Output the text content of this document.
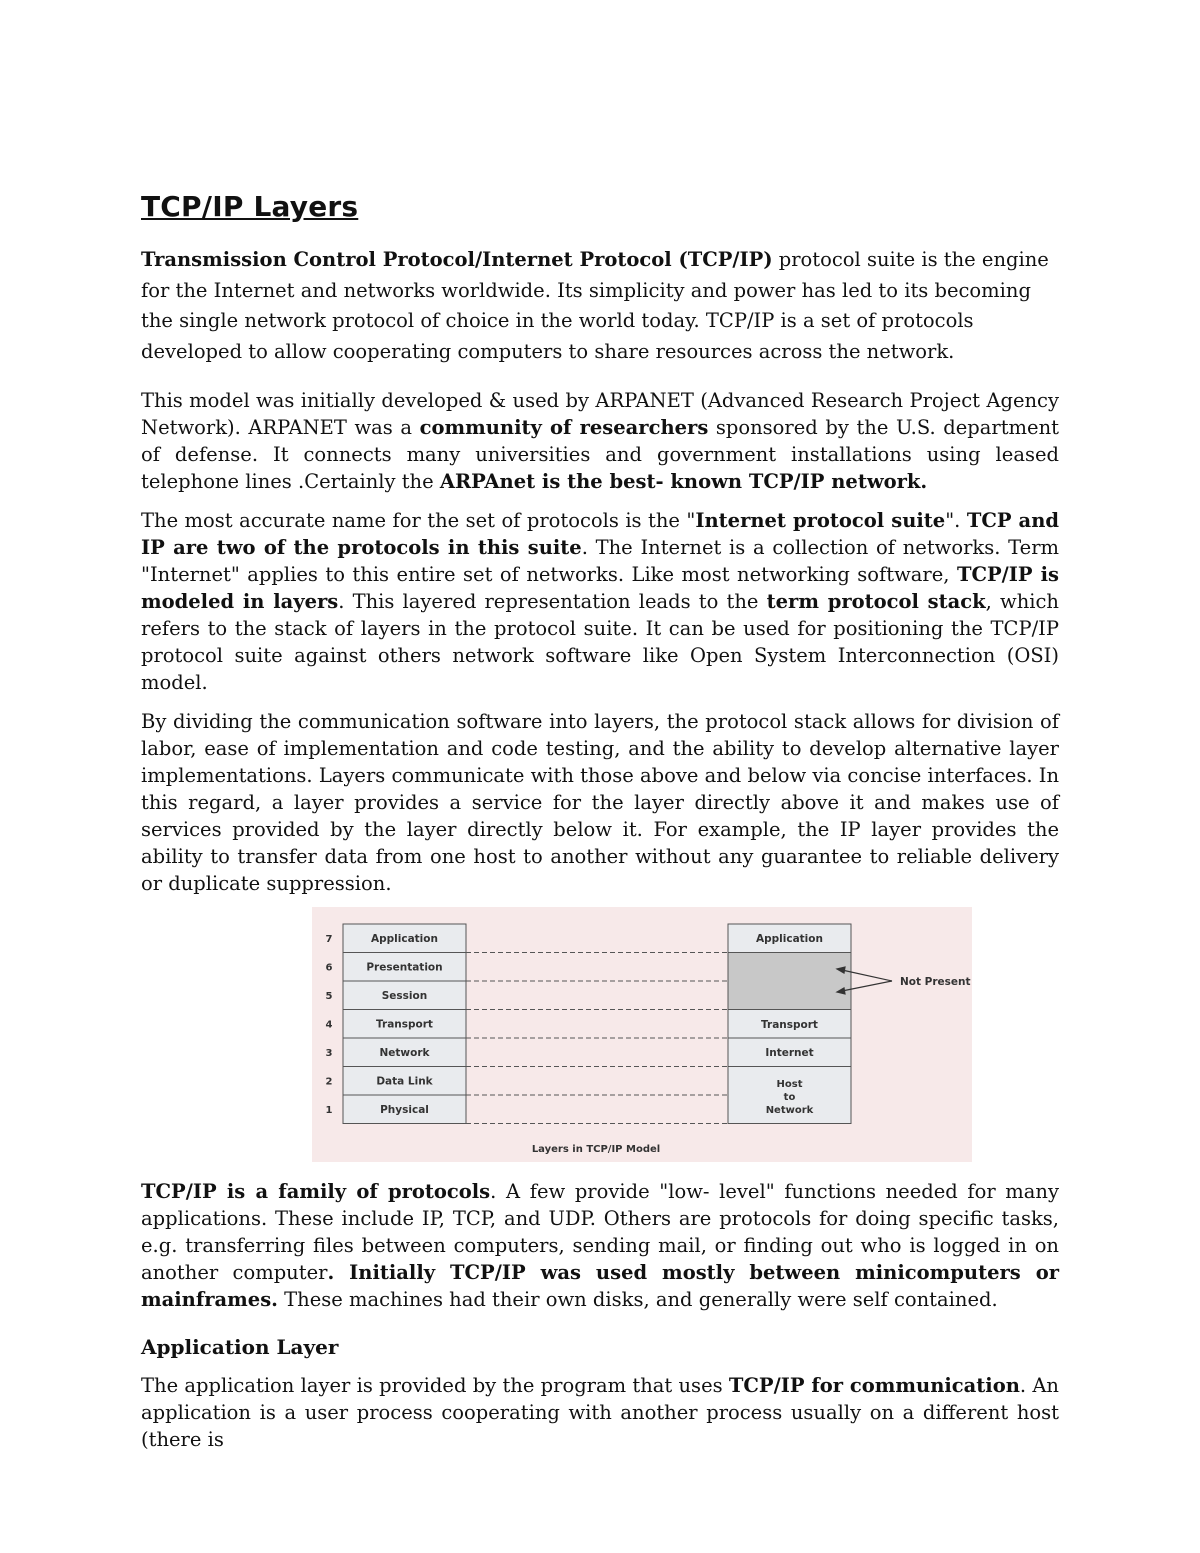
TCP/IP Layers

Transmission Control Protocol/Internet Protocol (TCP/IP) protocol suite is the engine for the Internet and networks worldwide. Its simplicity and power has led to its becoming the single network protocol of choice in the world today. TCP/IP is a set of protocols developed to allow cooperating computers to share resources across the network.

This model was initially developed & used by ARPANET (Advanced Research Project Agency Network). ARPANET was a community of researchers sponsored by the U.S. department of defense. It connects many universities and government installations using leased telephone lines .Certainly the ARPAnet is the best- known TCP/IP network.

The most accurate name for the set of protocols is the "Internet protocol suite". TCP and IP are two of the protocols in this suite. The Internet is a collection of networks. Term "Internet" applies to this entire set of networks. Like most networking software, TCP/IP is modeled in layers. This layered representation leads to the term protocol stack, which refers to the stack of layers in the protocol suite. It can be used for positioning the TCP/IP protocol suite against others network software like Open System Interconnection (OSI) model.

By dividing the communication software into layers, the protocol stack allows for division of labor, ease of implementation and code testing, and the ability to develop alternative layer implementations. Layers communicate with those above and below via concise interfaces. In this regard, a layer provides a service for the layer directly above it and makes use of services provided by the layer directly below it. For example, the IP layer provides the ability to transfer data from one host to another without any guarantee to reliable delivery or duplicate suppression.

7
6
5
4
3
2
1
Application
Presentation
Session
Transport
Network
Data Link
Physical
Application
Transport
Internet
Host
to
Network
Not Present
Layers in TCP/IP Model

TCP/IP is a family of protocols. A few provide "low- level" functions needed for many applications. These include IP, TCP, and UDP. Others are protocols for doing specific tasks, e.g. transferring files between computers, sending mail, or finding out who is logged in on another computer. Initially TCP/IP was used mostly between minicomputers or mainframes. These machines had their own disks, and generally were self contained.

Application Layer

The application layer is provided by the program that uses TCP/IP for communication. An application is a user process cooperating with another process usually on a different host (there is
